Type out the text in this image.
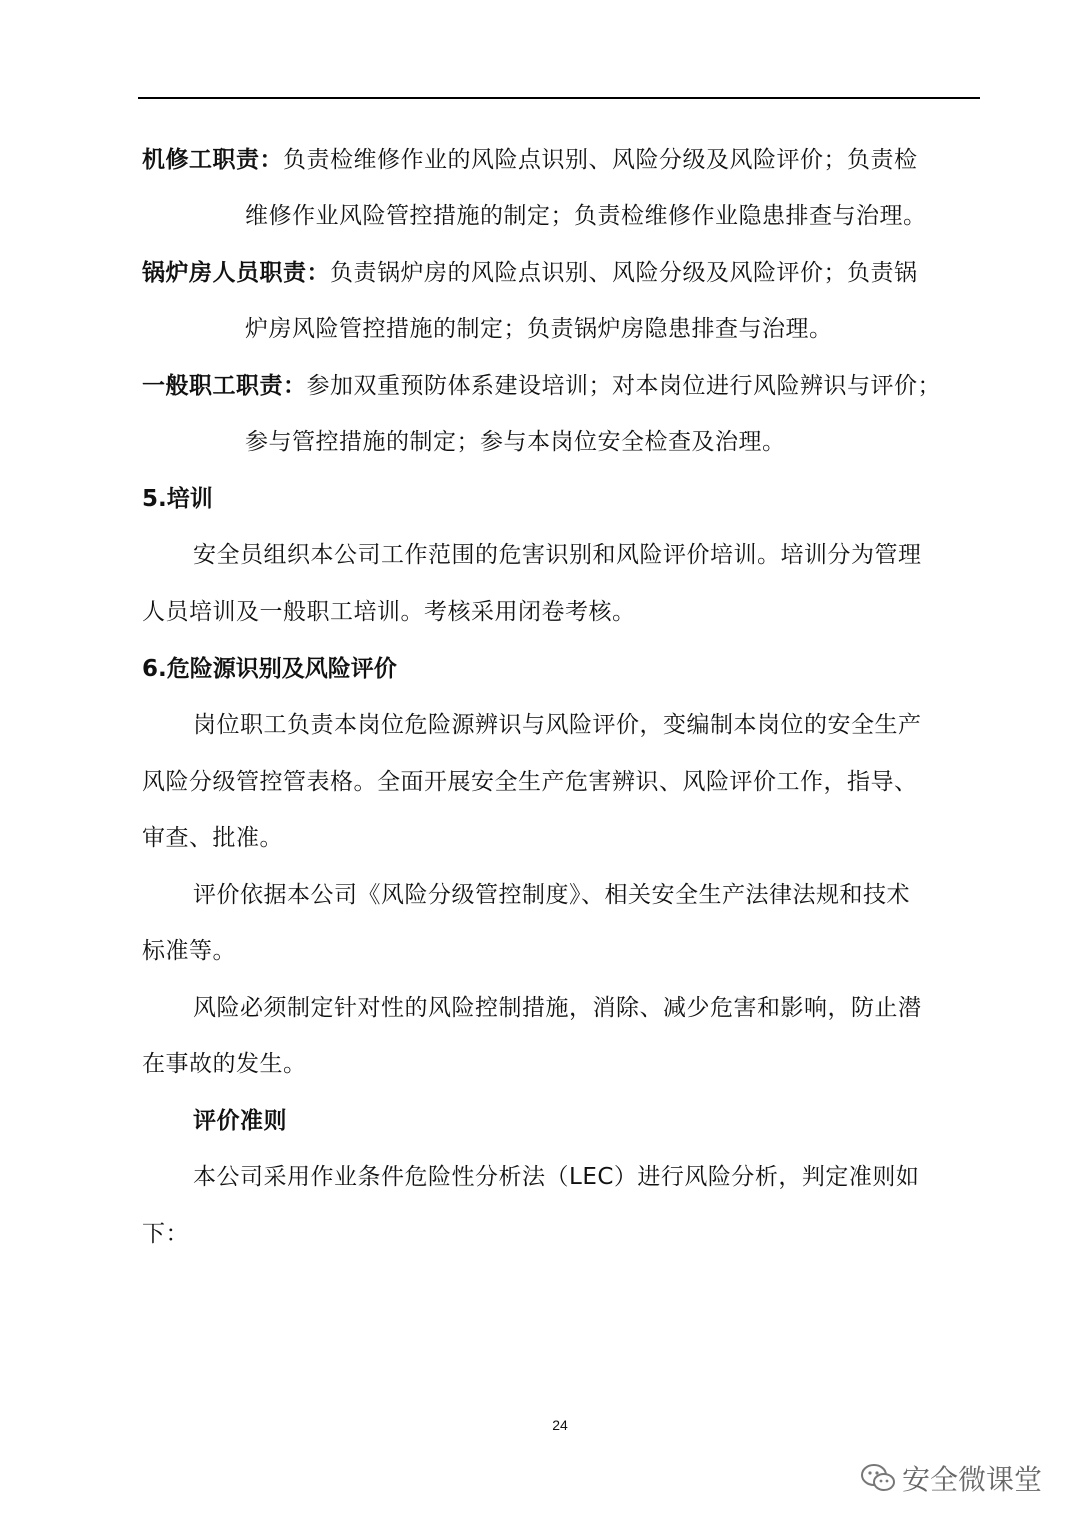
机修工职责：负责检维修作业的风险点识别、风险分级及风险评价；负责检
维修作业风险管控措施的制定；负责检维修作业隐患排查与治理。
锅炉房人员职责：负责锅炉房的风险点识别、风险分级及风险评价；负责锅
炉房风险管控措施的制定；负责锅炉房隐患排查与治理。
一般职工职责：参加双重预防体系建设培训；对本岗位进行风险辨识与评价；
参与管控措施的制定；参与本岗位安全检查及治理。
5.培训
安全员组织本公司工作范围的危害识别和风险评价培训。培训分为管理
人员培训及一般职工培训。考核采用闭卷考核。
6.危险源识别及风险评价
岗位职工负责本岗位危险源辨识与风险评价，变编制本岗位的安全生产
风险分级管控管表格。全面开展安全生产危害辨识、风险评价工作，指导、
审查、批准。
评价依据本公司《风险分级管控制度》、相关安全生产法律法规和技术
标准等。
风险必须制定针对性的风险控制措施，消除、减少危害和影响，防止潜
在事故的发生。
评价准则
本公司采用作业条件危险性分析法（LEC）进行风险分析，判定准则如
下：
24
安全微课堂
